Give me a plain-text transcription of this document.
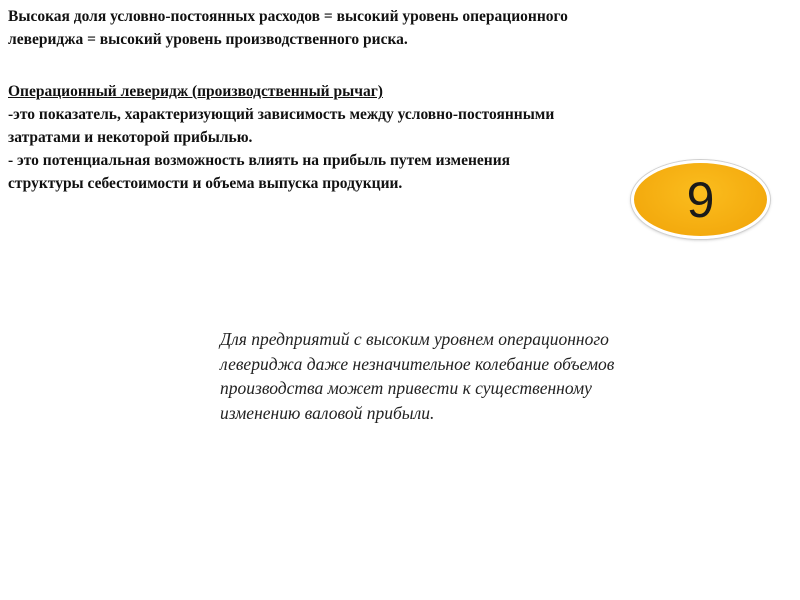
Высокая доля условно-постоянных расходов = высокий уровень операционного
левериджа = высокий уровень производственного риска.

Операционный леверидж (производственный рычаг)

-это показатель, характеризующий зависимость между условно-постоянными
затратами и некоторой прибылью.

- это потенциальная возможность влиять на прибыль путем изменения
структуры себестоимости и объема выпуска продукции.	9

Для предприятий с высоким уровнем операционного
левериджа даже незначительное колебание объемов
производства может привести к существенному
изменению валовой прибыли.
